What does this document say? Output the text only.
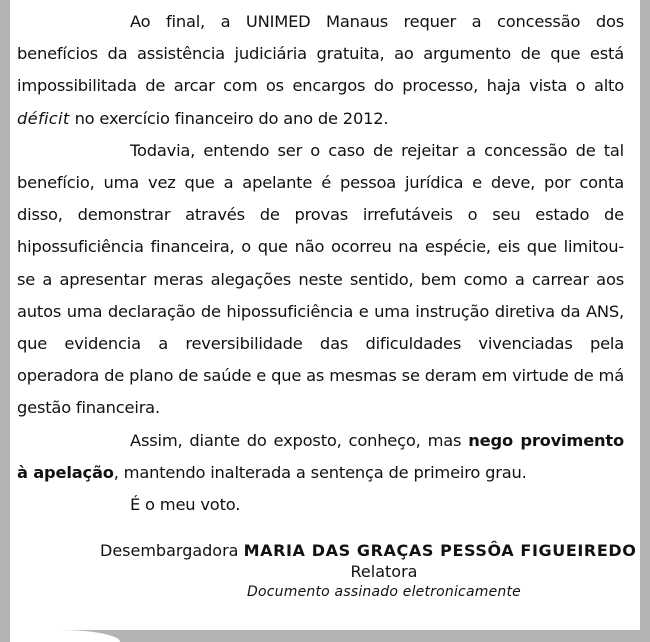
Ao final, a UNIMED Manaus requer a concessão dos benefícios da assistência judiciária gratuita, ao argumento de que está impossibilitada de arcar com os encargos do processo, haja vista o alto déficit no exercício financeiro do ano de 2012.

Todavia, entendo ser o caso de rejeitar a concessão de tal benefício, uma vez que a apelante é pessoa jurídica e deve, por conta disso, demonstrar através de provas irrefutáveis o seu estado de hipossuficiência financeira, o que não ocorreu na espécie, eis que limitou-se a apresentar meras alegações neste sentido, bem como a carrear aos autos uma declaração de hipossuficiência e uma instrução diretiva da ANS, que evidencia a reversibilidade das dificuldades vivenciadas pela operadora de plano de saúde e que as mesmas se deram em virtude de má gestão financeira.

Assim, diante do exposto, conheço, mas nego provimento à apelação, mantendo inalterada a sentença de primeiro grau.

É o meu voto.

Desembargadora MARIA DAS GRAÇAS PESSÔA FIGUEIREDO
Relatora
Documento assinado eletronicamente
